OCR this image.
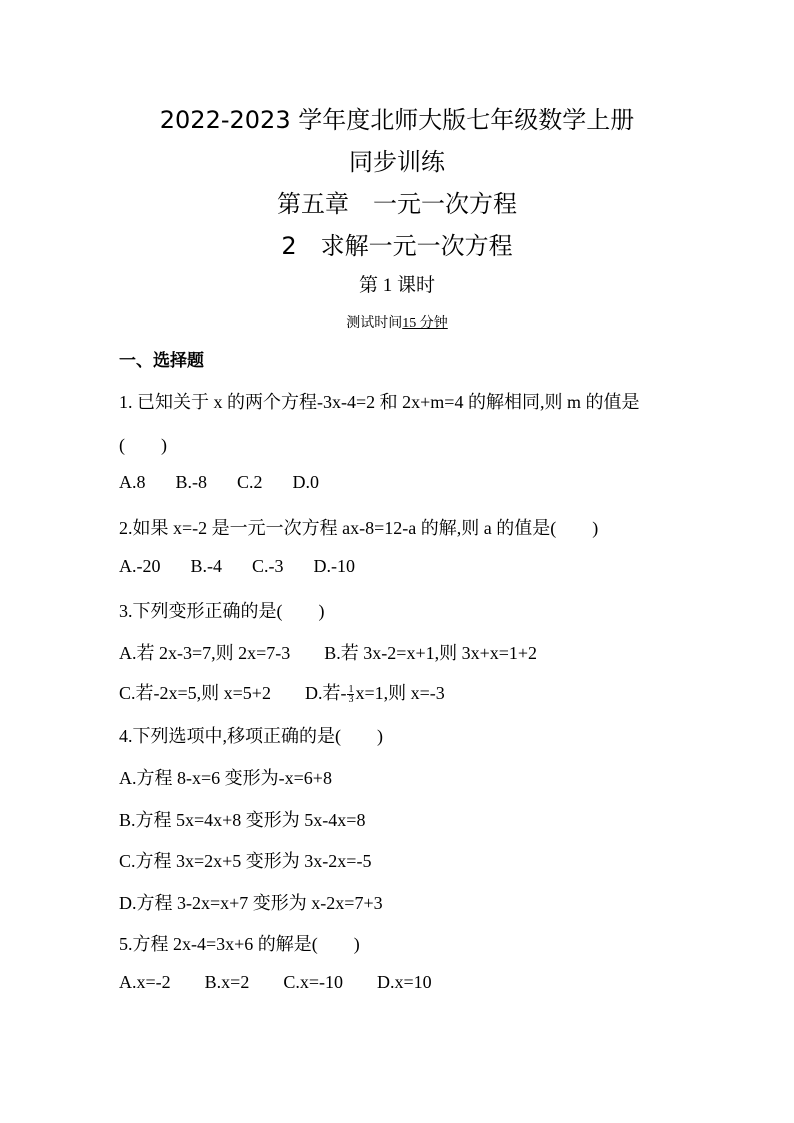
2022-2023 学年度北师大版七年级数学上册
同步训练
第五章　一元一次方程
2　求解一元一次方程
第 1 课时
测试时间15 分钟
一、选择题
1. 已知关于 x 的两个方程-3x-4=2 和 2x+m=4 的解相同,则 m 的值是
(　　)
A.8 B.-8 C.2 D.0
2.如果 x=-2 是一元一次方程 ax-8=12-a 的解,则 a 的值是(　　)
A.-20 B.-4 C.-3 D.-10
3.下列变形正确的是(　　)
A.若 2x-3=7,则 2x=7-3 B.若 3x-2=x+1,则 3x+x=1+2
C.若-2x=5,则 x=5+2 D.若- $\frac{1}{3} x=1$,则 x=-3
4.下列选项中,移项正确的是(　　)
A.方程 8-x=6 变形为-x=6+8
B.方程 5x=4x+8 变形为 5x-4x=8
C.方程 3x=2x+5 变形为 3x-2x=-5
D.方程 3-2x=x+7 变形为 x-2x=7+3
5.方程 2x-4=3x+6 的解是(　　)
A.x=-2 B.x=2 C.x=-10 D.x=10
